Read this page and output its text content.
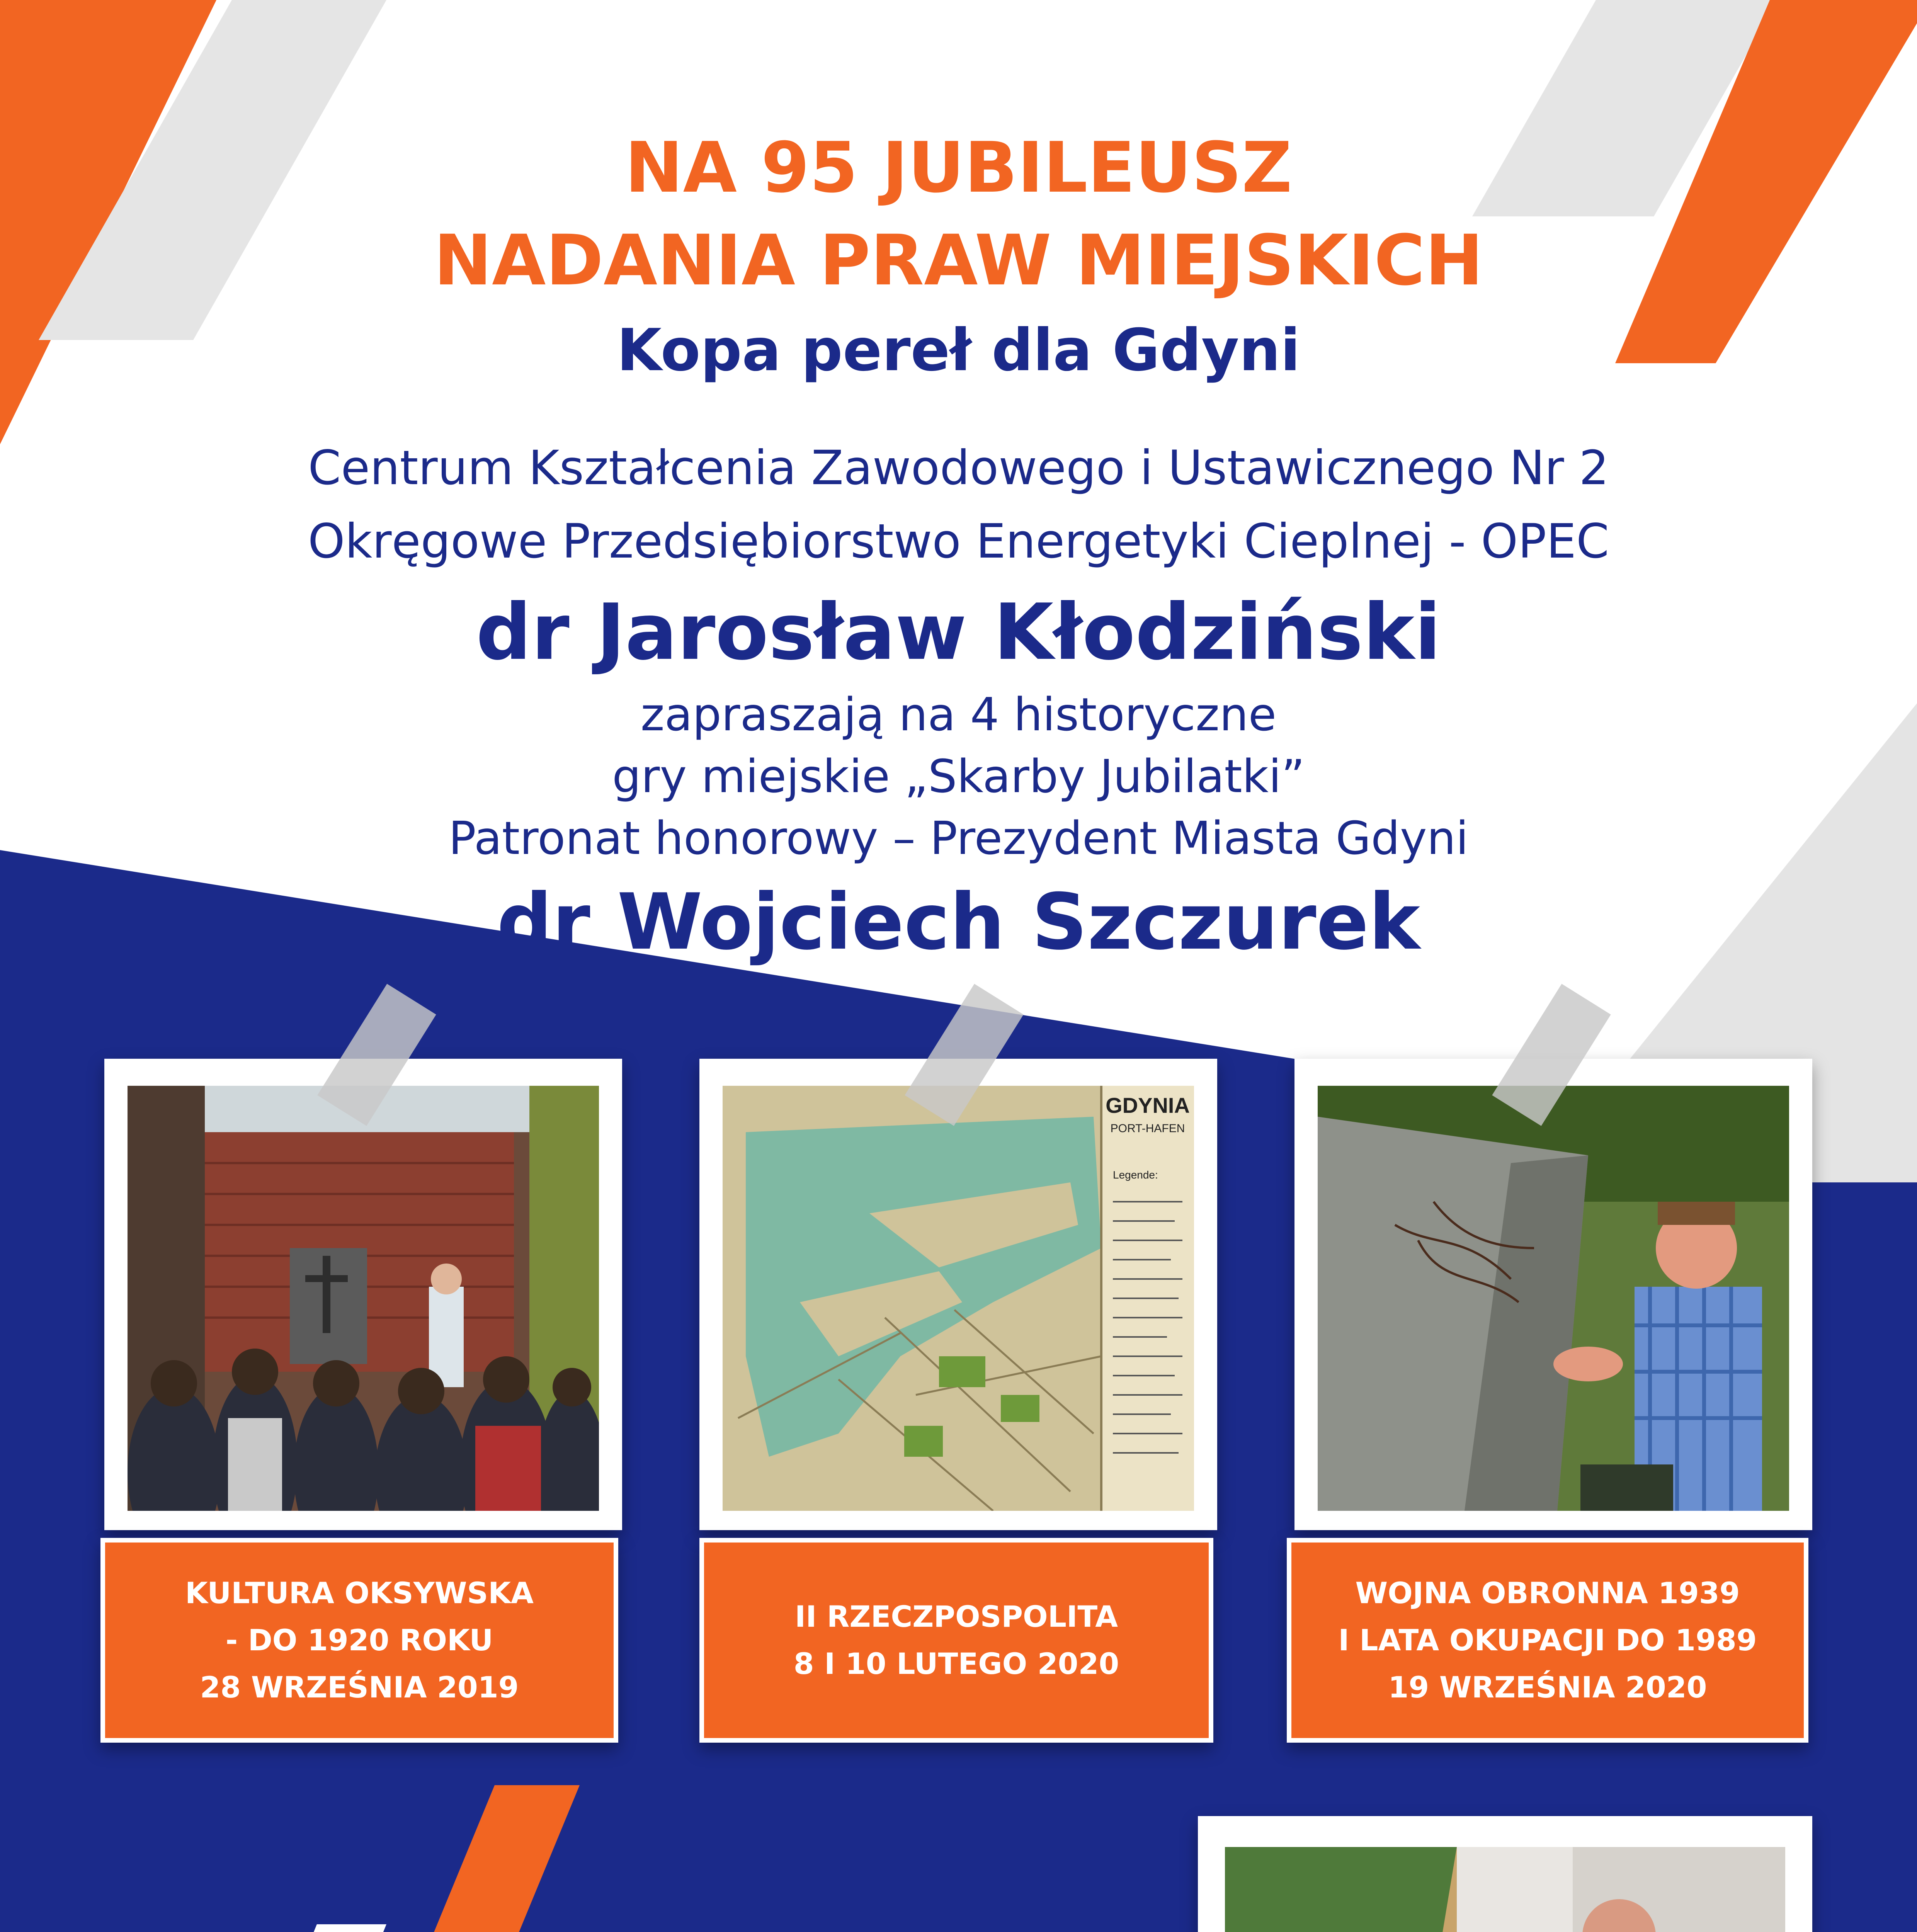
NA 95 JUBILEUSZ
NADANIA PRAW MIEJSKICH
Kopa pereł dla Gdyni
Centrum Kształcenia Zawodowego i Ustawicznego Nr 2
Okręgowe Przedsiębiorstwo Energetyki Cieplnej - OPEC
dr Jarosław Kłodziński
zapraszają na 4 historyczne
gry miejskie „Skarby Jubilatki”
Patronat honorowy – Prezydent Miasta Gdyni
dr Wojciech Szczurek
GDYNIA
PORT-HAFEN
Legende:
KULTURA OKSYWSKA
- DO 1920 ROKU
28 WRZEŚNIA 2019
II RZECZPOSPOLITA
8 I 10 LUTEGO 2020
WOJNA OBRONNA 1939
I LATA OKUPACJI DO 1989
19 WRZEŚNIA 2020
